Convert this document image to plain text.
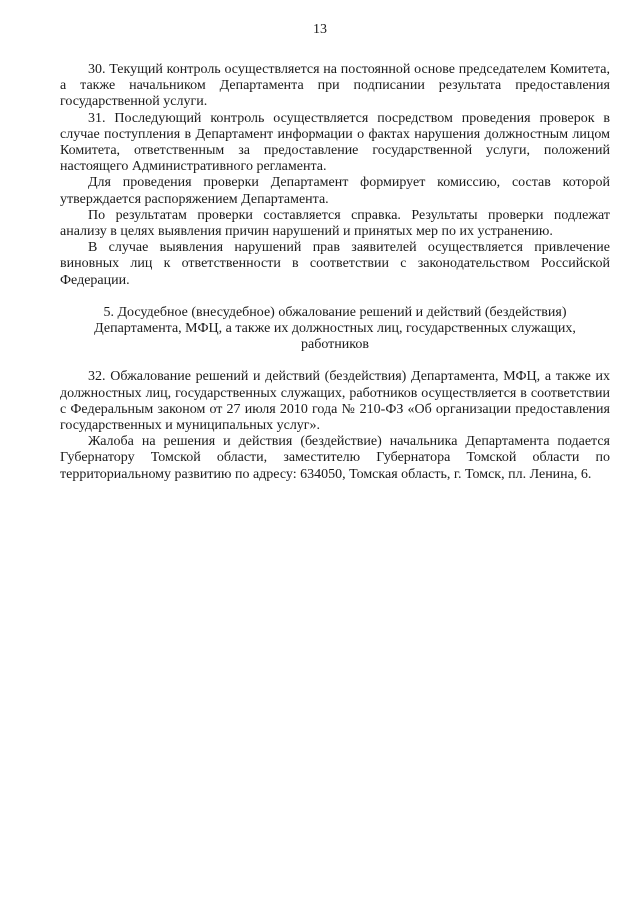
13

30. Текущий контроль осуществляется на постоянной основе председателем Комитета, а также начальником Департамента при подписании результата предоставления государственной услуги.

31. Последующий контроль осуществляется посредством проведения проверок в случае поступления в Департамент информации о фактах нарушения должностным лицом Комитета, ответственным за предоставление государственной услуги, положений настоящего Административного регламента.

Для проведения проверки Департамент формирует комиссию, состав которой утверждается распоряжением Департамента.

По результатам проверки составляется справка. Результаты проверки подлежат анализу в целях выявления причин нарушений и принятых мер по их устранению.

В случае выявления нарушений прав заявителей осуществляется привлечение виновных лиц к ответственности в соответствии с законодательством Российской Федерации.

5. Досудебное (внесудебное) обжалование решений и действий (бездействия)
Департамента, МФЦ, а также их должностных лиц, государственных служащих,
работников

32. Обжалование решений и действий (бездействия) Департамента, МФЦ, а также их должностных лиц, государственных служащих, работников осуществляется в соответствии с Федеральным законом от 27 июля 2010 года № 210-ФЗ «Об организации предоставления государственных и муниципальных услуг».

Жалоба на решения и действия (бездействие) начальника Департамента подается Губернатору Томской области, заместителю Губернатора Томской области по территориальному развитию по адресу: 634050, Томская область, г. Томск, пл. Ленина, 6.
